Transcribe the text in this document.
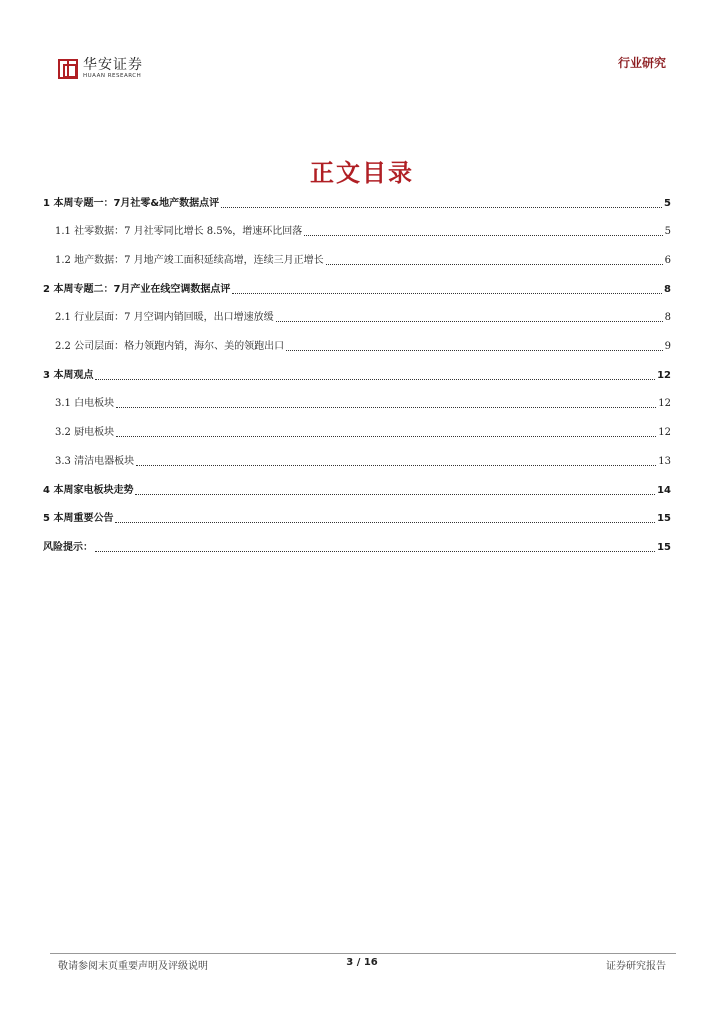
华安证券
HUAAN RESEARCH
行业研究
正文目录
1 本周专题一：7月社零&地产数据点评	5
1.1 社零数据：7 月社零同比增长 8.5%，增速环比回落	5
1.2 地产数据：7 月地产竣工面积延续高增，连续三月正增长	6
2 本周专题二：7月产业在线空调数据点评	8
2.1 行业层面：7 月空调内销回暖，出口增速放缓	8
2.2 公司层面：格力领跑内销，海尔、美的领跑出口	9
3 本周观点	12
3.1 白电板块	12
3.2 厨电板块	12
3.3 清洁电器板块	13
4 本周家电板块走势	14
5 本周重要公告	15
风险提示：	15
敬请参阅末页重要声明及评级说明	3 / 16	证券研究报告
